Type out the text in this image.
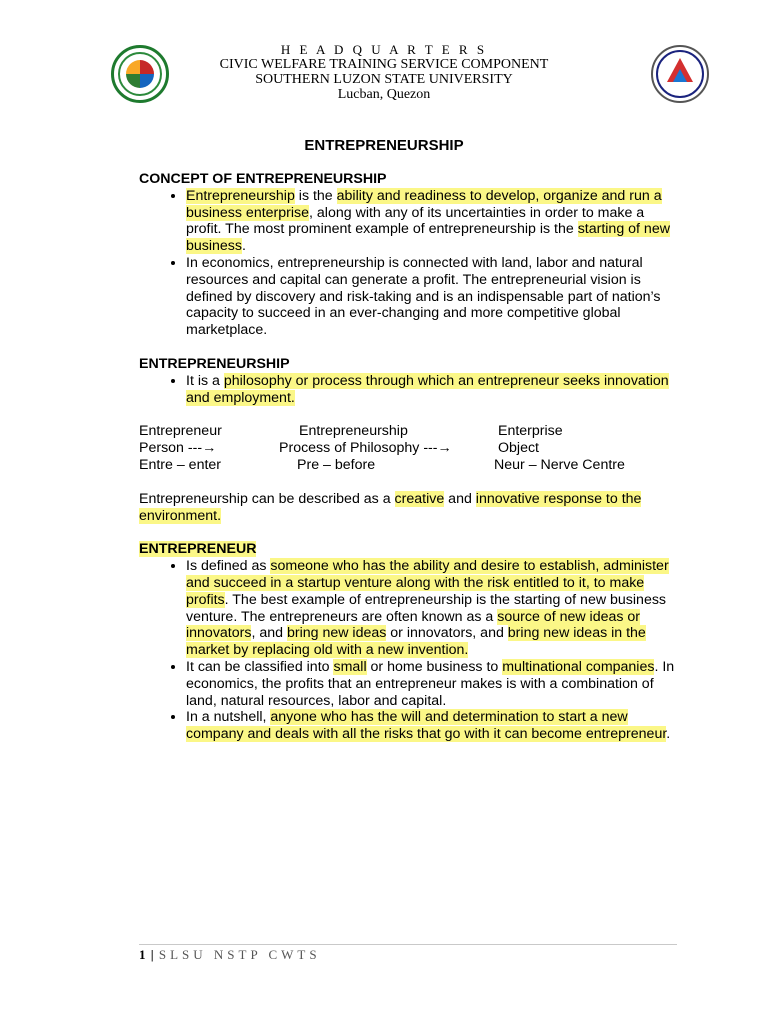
H E A D Q U A R T E R S
CIVIC WELFARE TRAINING SERVICE COMPONENT
SOUTHERN LUZON STATE UNIVERSITY
Lucban, Quezon
ENTREPRENEURSHIP

CONCEPT OF ENTREPRENEURSHIP

• Entrepreneurship is the ability and readiness to develop, organize and run a business enterprise, along with any of its uncertainties in order to make a profit. The most prominent example of entrepreneurship is the starting of new business.
• In economics, entrepreneurship is connected with land, labor and natural resources and capital can generate a profit. The entrepreneurial vision is defined by discovery and risk-taking and is an indispensable part of nation’s capacity to succeed in an ever-changing and more competitive global marketplace.

ENTREPRENEURSHIP

• It is a philosophy or process through which an entrepreneur seeks innovation and employment.
Entrepreneur	Entrepreneurship	Enterprise
Person ---→	Process of Philosophy ---→	Object
Entre – enter	Pre – before	Neur – Nerve Centre

Entrepreneurship can be described as a creative and innovative response to the environment.

ENTREPRENEUR

• Is defined as someone who has the ability and desire to establish, administer and succeed in a startup venture along with the risk entitled to it, to make profits. The best example of entrepreneurship is the starting of new business venture. The entrepreneurs are often known as a source of new ideas or innovators, and bring new ideas or innovators, and bring new ideas in the market by replacing old with a new invention.
• It can be classified into small or home business to multinational companies. In economics, the profits that an entrepreneur makes is with a combination of land, natural resources, labor and capital.
• In a nutshell, anyone who has the will and determination to start a new company and deals with all the risks that go with it can become entrepreneur.
1 | SLSU NSTP CWTS
